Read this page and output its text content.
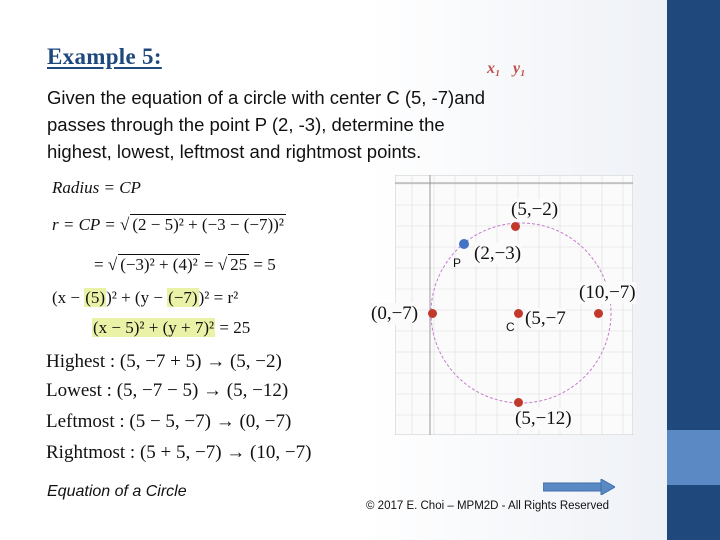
Example 5:	x₁ y₁
Given the equation of a circle with center C (5, -7)and
passes through the point P (2, -3), determine the
highest, lowest, leftmost and rightmost points.
Radius = CP
r = CP = √ (2 − 5)² + (−3 − (−7))²
= √ (−3)² + (4)² = √ 25 = 5
(x − (5))² + (y − (−7))² = r²
(x − 5)² + (y + 7)² = 25
Highest : (5, −7 + 5) → (5, −2)
Lowest : (5, −7 − 5) → (5, −12)
Leftmost : (5 − 5, −7) → (0, −7)
Rightmost : (5 + 5, −7) → (10, −7)
(5,−2)
(2,−3)
P
(0,−7)
(10,−7)
C (5,−7
(5,−12)
Equation of a Circle
© 2017 E. Choi – MPM2D - All Rights Reserved
